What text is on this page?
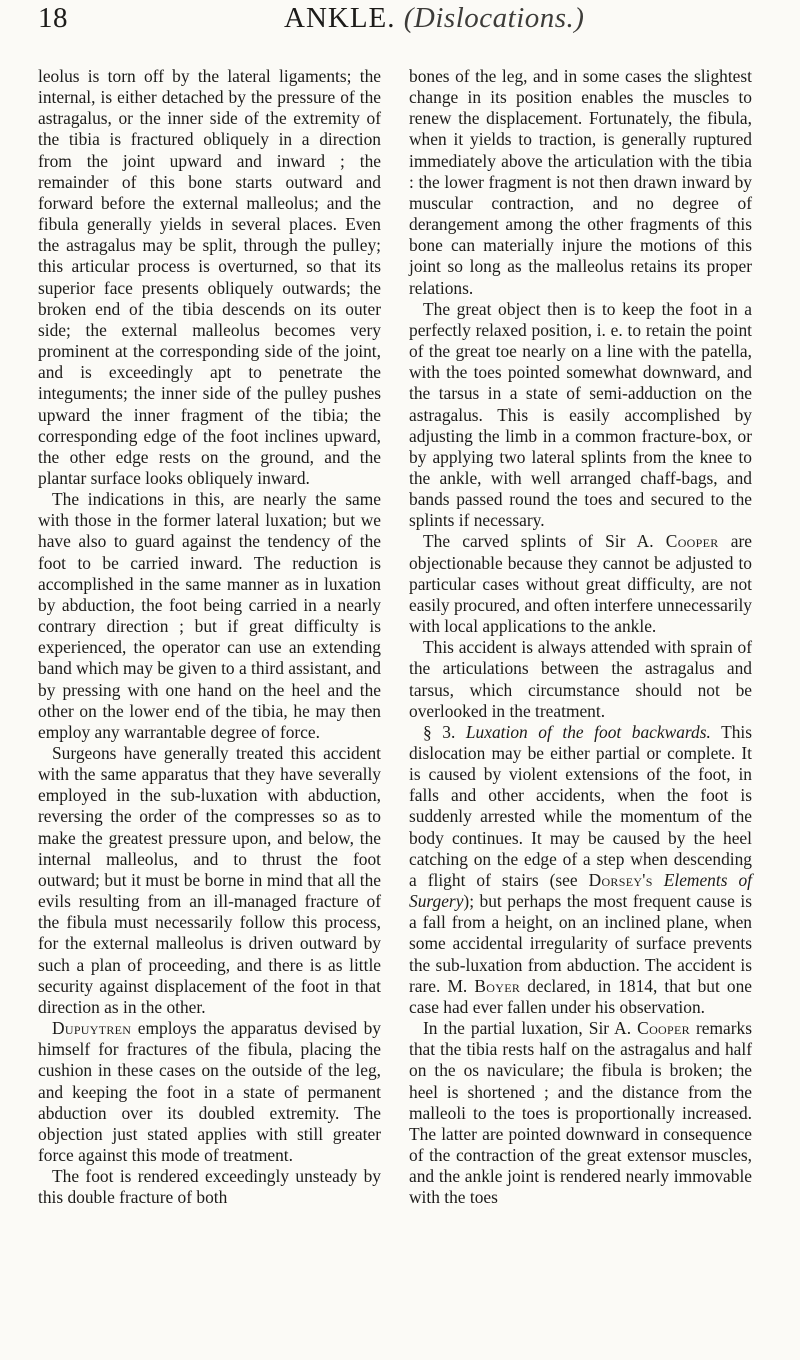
18	ANKLE. (Dislocations.)

leolus is torn off by the lateral ligaments; the internal, is either detached by the pressure of the astragalus, or the inner side of the extremity of the tibia is fractured obliquely in a direction from the joint upward and inward ; the remainder of this bone starts outward and forward before the external malleolus; and the fibula generally yields in several places. Even the astragalus may be split, through the pulley; this articular process is overturned, so that its superior face presents obliquely outwards; the broken end of the tibia descends on its outer side; the external malleolus becomes very prominent at the corresponding side of the joint, and is exceedingly apt to penetrate the integuments; the inner side of the pulley pushes upward the inner fragment of the tibia; the corresponding edge of the foot inclines upward, the other edge rests on the ground, and the plantar surface looks obliquely inward.

The indications in this, are nearly the same with those in the former lateral luxation; but we have also to guard against the tendency of the foot to be carried inward. The reduction is accomplished in the same manner as in luxation by abduction, the foot being carried in a nearly contrary direction ; but if great difficulty is experienced, the operator can use an extending band which may be given to a third assistant, and by pressing with one hand on the heel and the other on the lower end of the tibia, he may then employ any warrantable degree of force.

Surgeons have generally treated this accident with the same apparatus that they have severally employed in the sub-luxation with abduction, reversing the order of the compresses so as to make the greatest pressure upon, and below, the internal malleolus, and to thrust the foot outward; but it must be borne in mind that all the evils resulting from an ill-managed fracture of the fibula must necessarily follow this process, for the external malleolus is driven outward by such a plan of proceeding, and there is as little security against displacement of the foot in that direction as in the other.

Dupuytren employs the apparatus devised by himself for fractures of the fibula, placing the cushion in these cases on the outside of the leg, and keeping the foot in a state of permanent abduction over its doubled extremity. The objection just stated applies with still greater force against this mode of treatment.

The foot is rendered exceedingly unsteady by this double fracture of both

bones of the leg, and in some cases the slightest change in its position enables the muscles to renew the displacement. Fortunately, the fibula, when it yields to traction, is generally ruptured immediately above the articulation with the tibia : the lower fragment is not then drawn inward by muscular contraction, and no degree of derangement among the other fragments of this bone can materially injure the motions of this joint so long as the malleolus retains its proper relations.

The great object then is to keep the foot in a perfectly relaxed position, i. e. to retain the point of the great toe nearly on a line with the patella, with the toes pointed somewhat downward, and the tarsus in a state of semi-adduction on the astragalus. This is easily accomplished by adjusting the limb in a common fracture-box, or by applying two lateral splints from the knee to the ankle, with well arranged chaff-bags, and bands passed round the toes and secured to the splints if necessary.

The carved splints of Sir A. Cooper are objectionable because they cannot be adjusted to particular cases without great difficulty, are not easily procured, and often interfere unnecessarily with local applications to the ankle.

This accident is always attended with sprain of the articulations between the astragalus and tarsus, which circumstance should not be overlooked in the treatment.

§ 3. Luxation of the foot backwards. This dislocation may be either partial or complete. It is caused by violent extensions of the foot, in falls and other accidents, when the foot is suddenly arrested while the momentum of the body continues. It may be caused by the heel catching on the edge of a step when descending a flight of stairs (see Dorsey's Elements of Surgery); but perhaps the most frequent cause is a fall from a height, on an inclined plane, when some accidental irregularity of surface prevents the sub-luxation from abduction. The accident is rare. M. Boyer declared, in 1814, that but one case had ever fallen under his observation.

In the partial luxation, Sir A. Cooper remarks that the tibia rests half on the astragalus and half on the os naviculare; the fibula is broken; the heel is shortened ; and the distance from the malleoli to the toes is proportionally increased. The latter are pointed downward in consequence of the contraction of the great extensor muscles, and the ankle joint is rendered nearly immovable with the toes
